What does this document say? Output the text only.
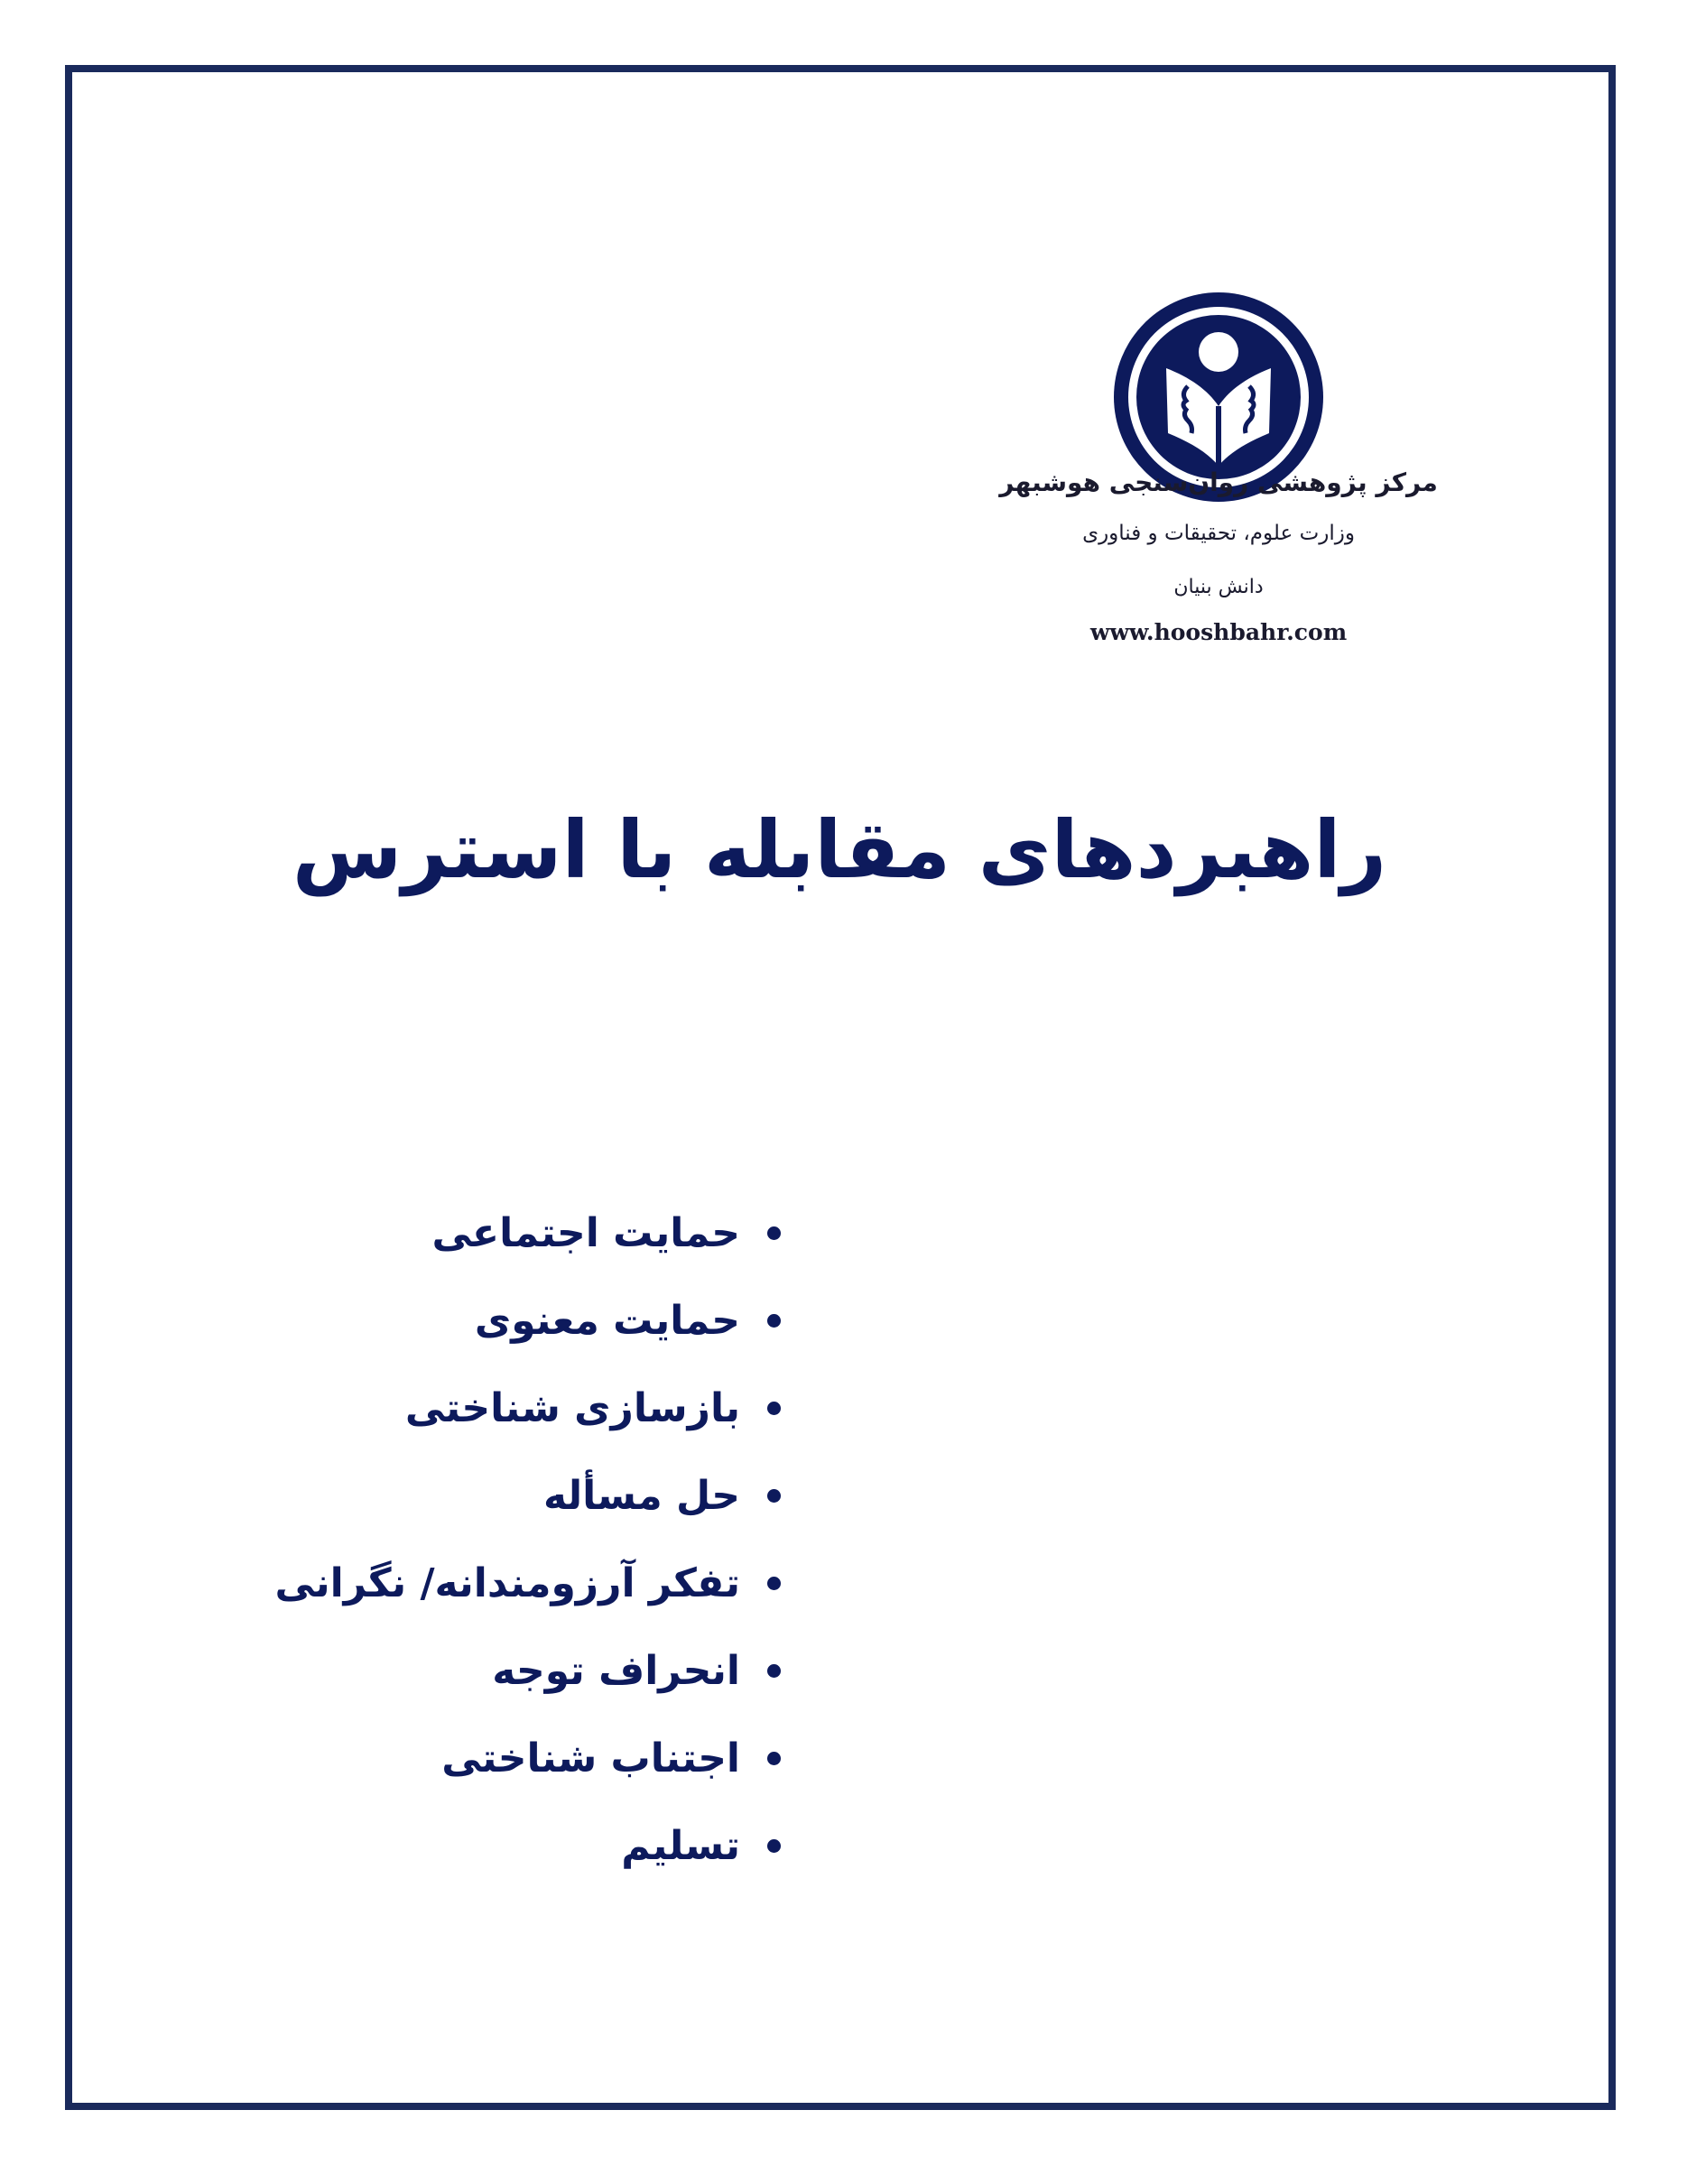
مرکز پژوهشی روان‌سنجی هوشبهر
وزارت علوم، تحقیقات و فناوری
دانش بنیان
www.hooshbahr.com
راهبردهای مقابله با استرس
حمایت اجتماعی
حمایت معنوی
بازسازی شناختی
حل مسأله
تفکر آرزومندانه/ نگرانی
انحراف توجه
اجتناب شناختی
تسلیم
